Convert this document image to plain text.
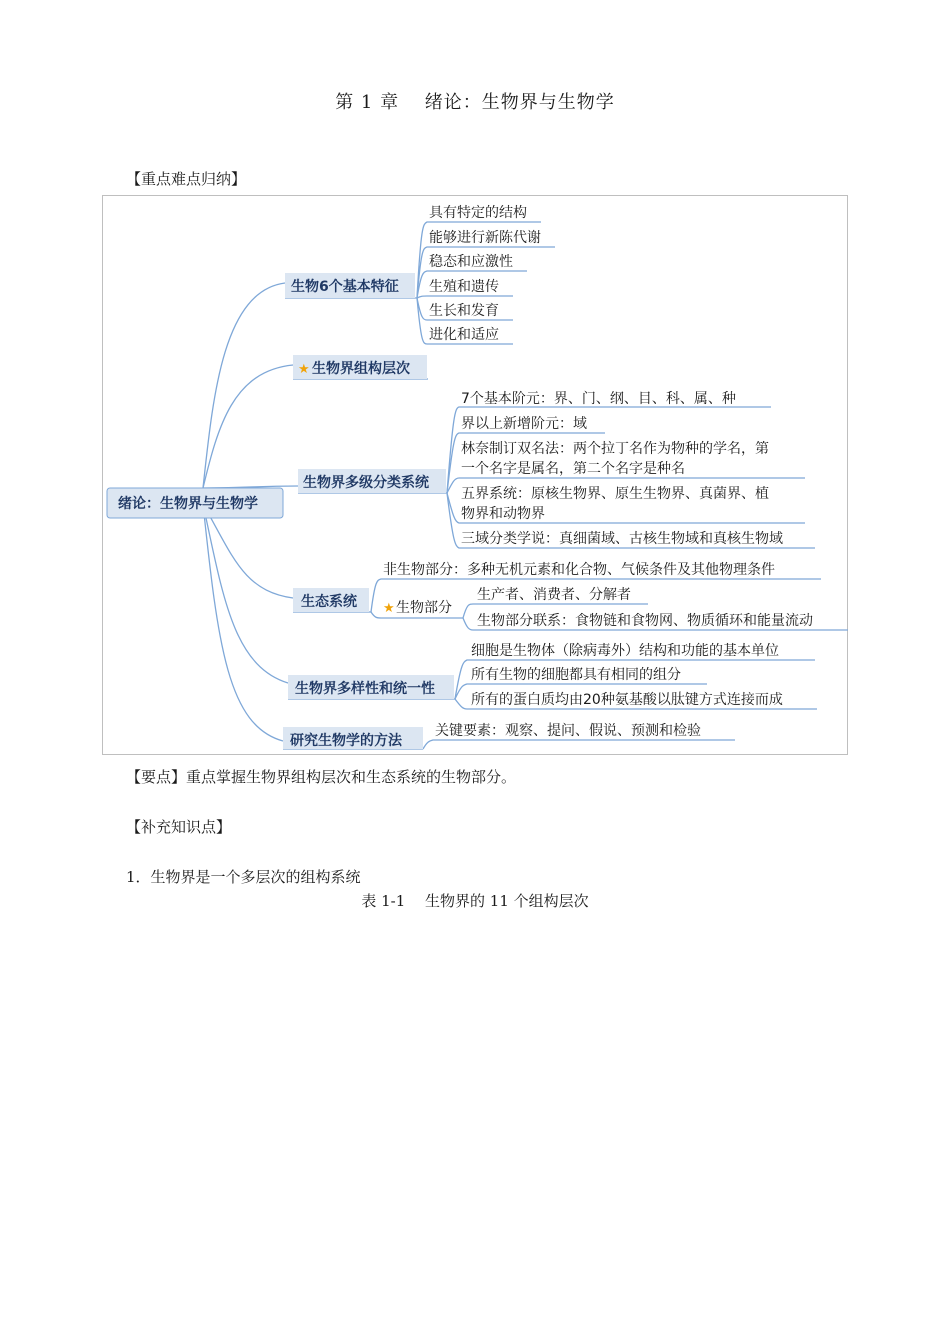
第 1 章　 绪论：生物界与生物学
【重点难点归纳】
绪论：生物界与生物学
生物6个基本特征
★ 生物界组构层次
生物界多级分类系统
生态系统
生物界多样性和统一性
研究生物学的方法
具有特定的结构
能够进行新陈代谢
稳态和应激性
生殖和遗传
生长和发育
进化和适应
7个基本阶元：界、门、纲、目、科、属、种
界以上新增阶元：域
林奈制订双名法：两个拉丁名作为物种的学名，第
一个名字是属名，第二个名字是种名
五界系统：原核生物界、原生生物界、真菌界、植
物界和动物界
三域分类学说：真细菌域、古核生物域和真核生物域
非生物部分：多种无机元素和化合物、气候条件及其他物理条件
★ 生物部分
生产者、消费者、分解者
生物部分联系：食物链和食物网、物质循环和能量流动
细胞是生物体（除病毒外）结构和功能的基本单位
所有生物的细胞都具有相同的组分
所有的蛋白质均由20种氨基酸以肽键方式连接而成
关键要素：观察、提问、假说、预测和检验
【要点】重点掌握生物界组构层次和生态系统的生物部分。
【补充知识点】
1．生物界是一个多层次的组构系统
表 1-1　 生物界的 11 个组构层次
